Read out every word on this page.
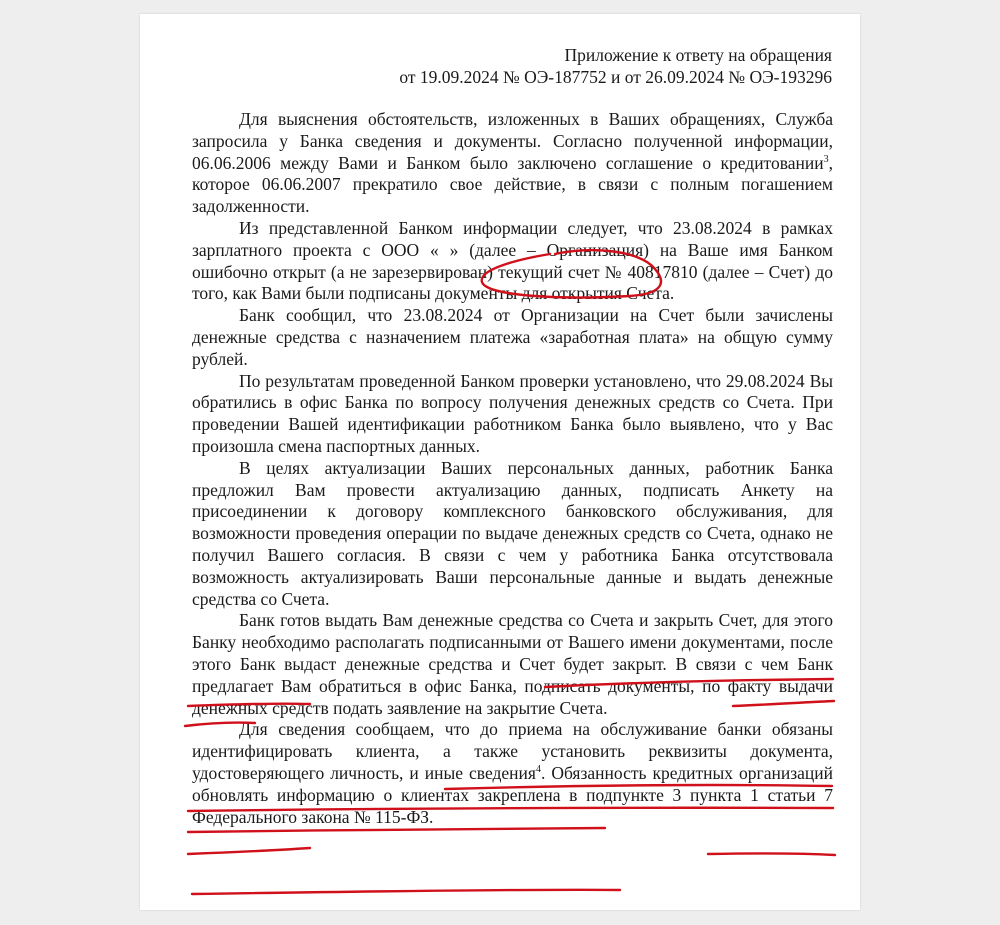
Приложение к ответу на обращения
от 19.09.2024 № ОЭ-187752 и от 26.09.2024 № ОЭ-193296

Для выяснения обстоятельств, изложенных в Ваших обращениях, Служба запросила у Банка сведения и документы. Согласно полученной информации, 06.06.2006 между Вами и Банком было заключено соглашение о кредитовании$^3$, которое 06.06.2007 прекратило свое действие, в связи с полным погашением задолженности.

Из представленной Банком информации следует, что 23.08.2024 в рамках зарплатного проекта с ООО « » (далее – Организация) на Ваше имя Банком ошибочно открыт (а не зарезервирован) текущий счет № 40817810 (далее – Счет) до того, как Вами были подписаны документы для открытия Счета.

Банк сообщил, что 23.08.2024 от Организации на Счет были зачислены денежные средства с назначением платежа «заработная плата» на общую сумму рублей.

По результатам проведенной Банком проверки установлено, что 29.08.2024 Вы обратились в офис Банка по вопросу получения денежных средств со Счета. При проведении Вашей идентификации работником Банка было выявлено, что у Вас произошла смена паспортных данных.

В целях актуализации Ваших персональных данных, работник Банка предложил Вам провести актуализацию данных, подписать Анкету на присоединении к договору комплексного банковского обслуживания, для возможности проведения операции по выдаче денежных средств со Счета, однако не получил Вашего согласия. В связи с чем у работника Банка отсутствовала возможность актуализировать Ваши персональные данные и выдать денежные средства со Счета.

Банк готов выдать Вам денежные средства со Счета и закрыть Счет, для этого Банку необходимо располагать подписанными от Вашего имени документами, после этого Банк выдаст денежные средства и Счет будет закрыт. В связи с чем Банк предлагает Вам обратиться в офис Банка, подписать документы, по факту выдачи денежных средств подать заявление на закрытие Счета.

Для сведения сообщаем, что до приема на обслуживание банки обязаны идентифицировать клиента, а также установить реквизиты документа, удостоверяющего личность, и иные сведения$^4$. Обязанность кредитных организаций обновлять информацию о клиентах закреплена в подпункте 3 пункта 1 статьи 7 Федерального закона № 115-ФЗ.
